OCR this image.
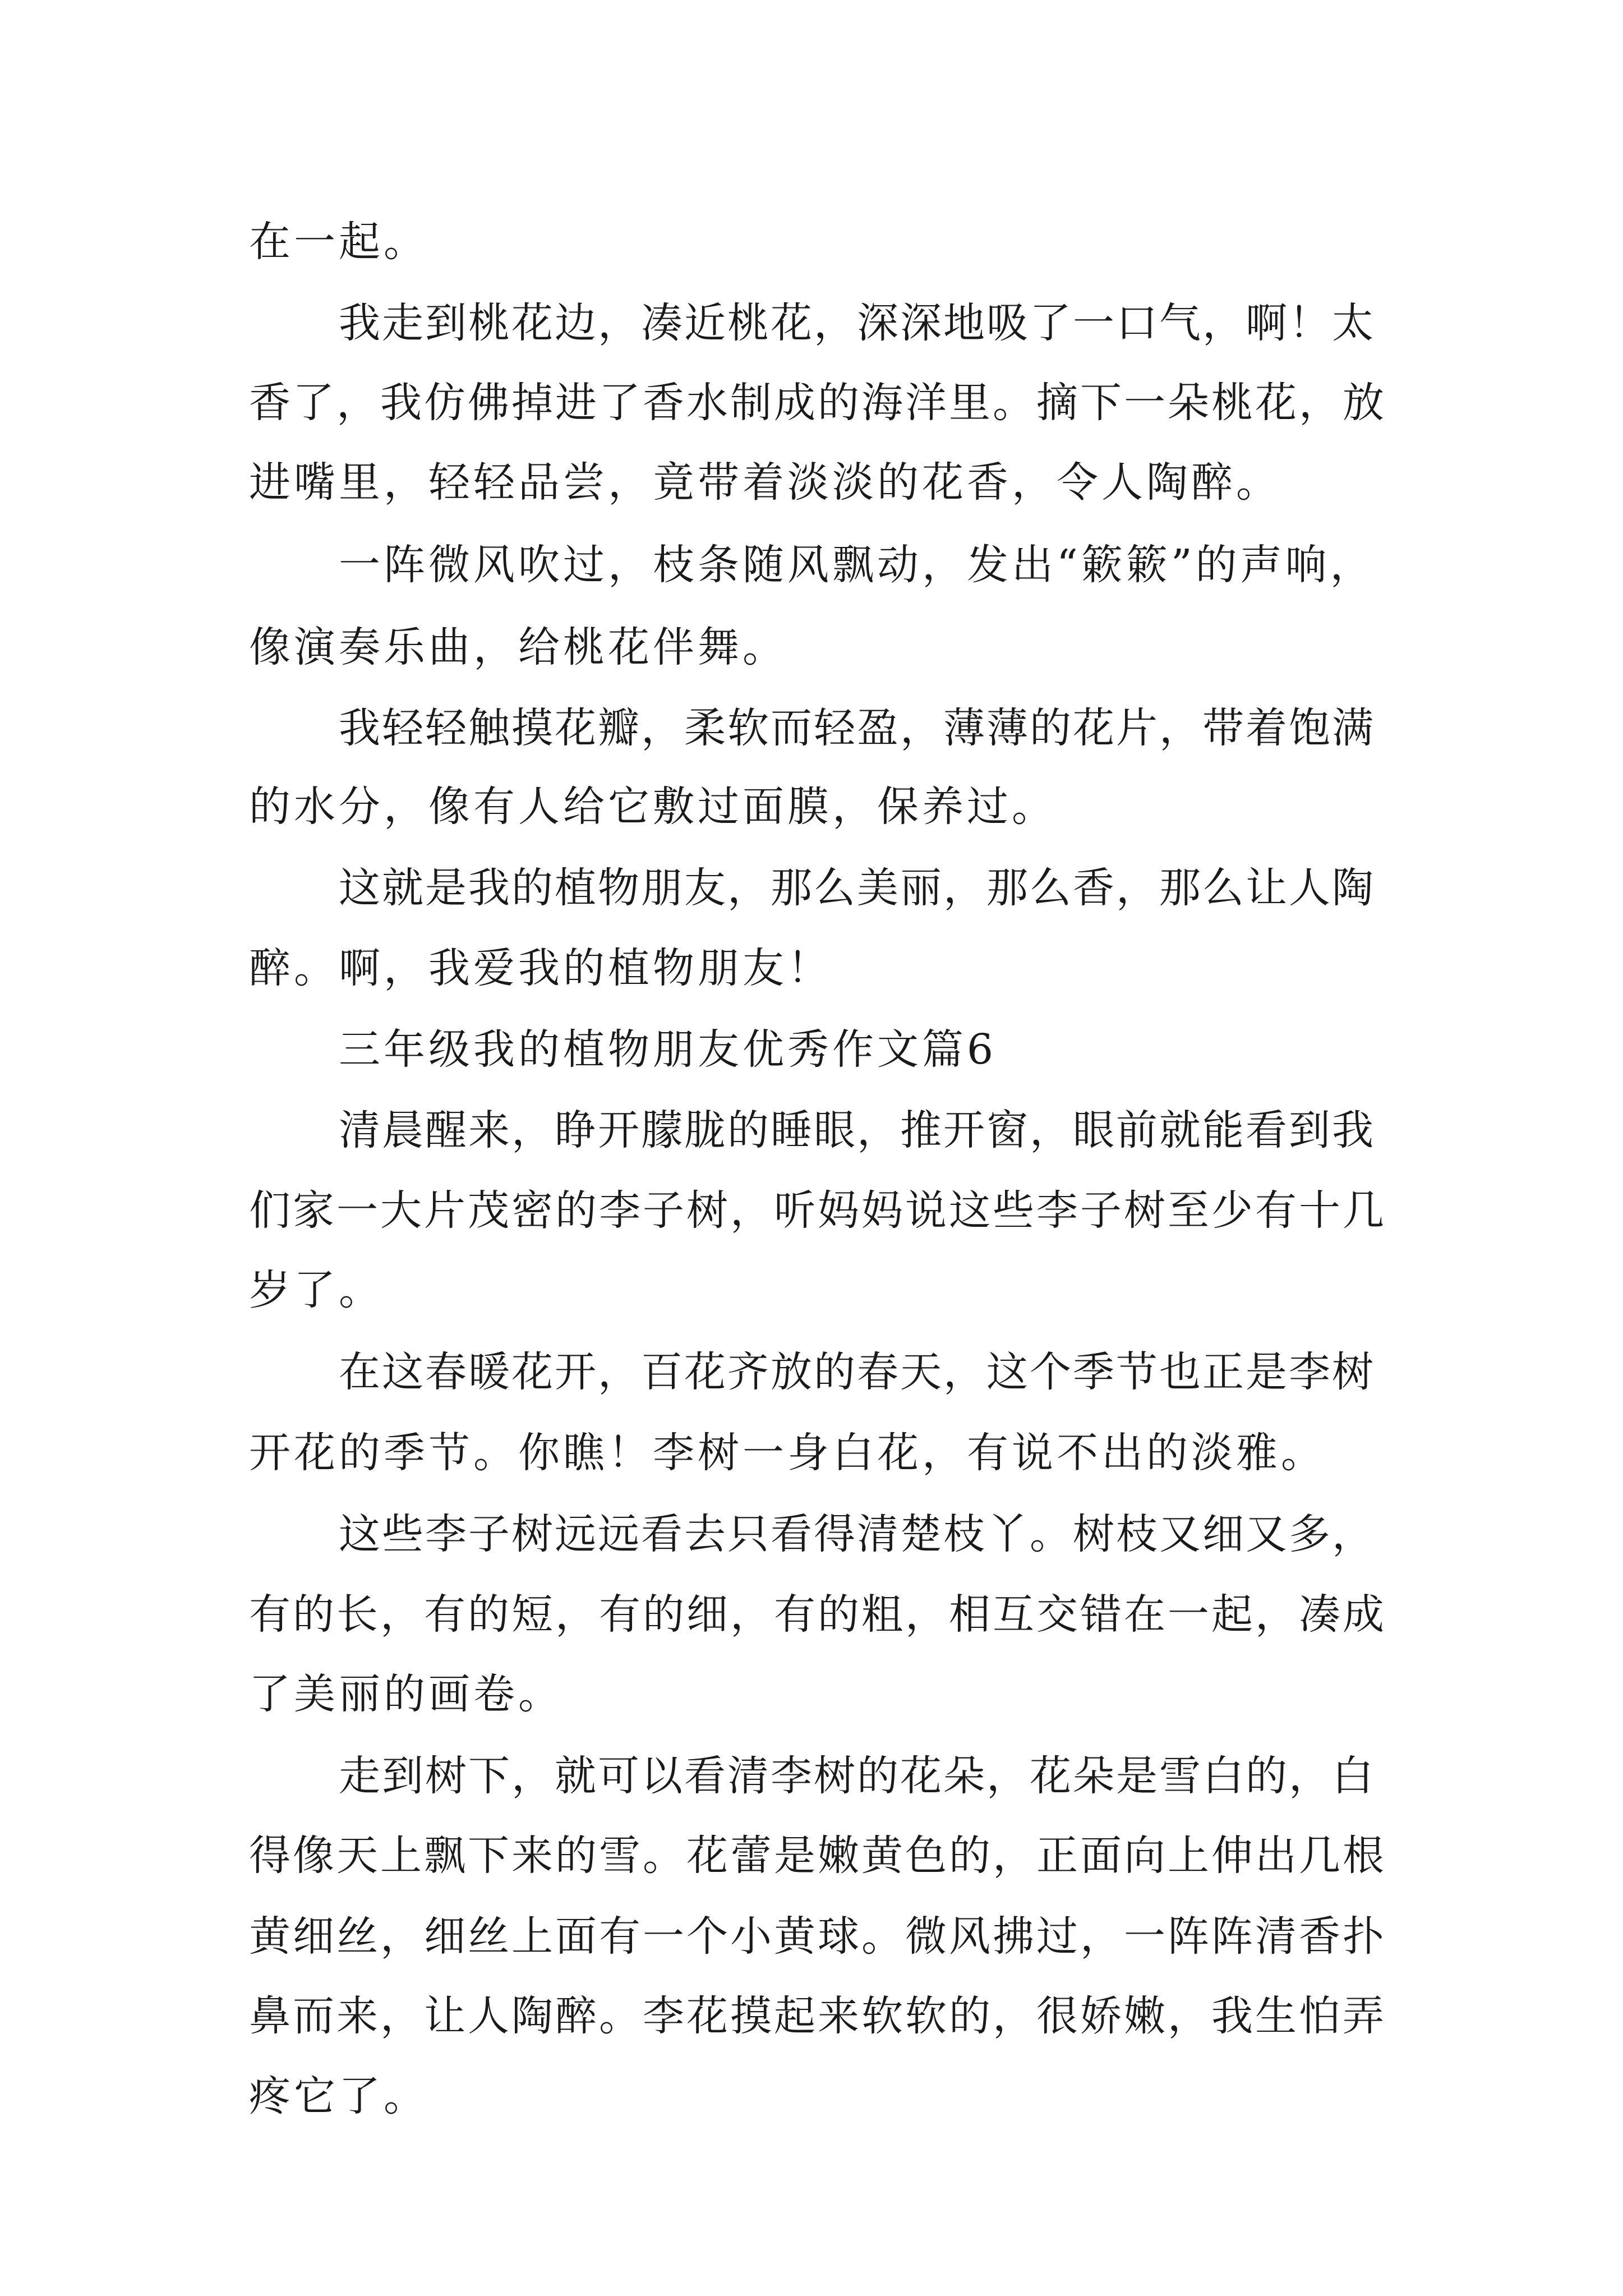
在一起。
我走到桃花边，凑近桃花，深深地吸了一口气，啊！太
香了，我仿佛掉进了香水制成的海洋里。摘下一朵桃花，放
进嘴里，轻轻品尝，竟带着淡淡的花香，令人陶醉。
一阵微风吹过，枝条随风飘动，发出“簌簌”的声响，
像演奏乐曲，给桃花伴舞。
我轻轻触摸花瓣，柔软而轻盈，薄薄的花片，带着饱满
的水分，像有人给它敷过面膜，保养过。
这就是我的植物朋友，那么美丽，那么香，那么让人陶
醉。啊，我爱我的植物朋友！
三年级我的植物朋友优秀作文篇6
清晨醒来，睁开朦胧的睡眼，推开窗，眼前就能看到我
们家一大片茂密的李子树，听妈妈说这些李子树至少有十几
岁了。
在这春暖花开，百花齐放的春天，这个季节也正是李树
开花的季节。你瞧！李树一身白花，有说不出的淡雅。
这些李子树远远看去只看得清楚枝丫。树枝又细又多，
有的长，有的短，有的细，有的粗，相互交错在一起，凑成
了美丽的画卷。
走到树下，就可以看清李树的花朵，花朵是雪白的，白
得像天上飘下来的雪。花蕾是嫩黄色的，正面向上伸出几根
黄细丝，细丝上面有一个小黄球。微风拂过，一阵阵清香扑
鼻而来，让人陶醉。李花摸起来软软的，很娇嫩，我生怕弄
疼它了。
